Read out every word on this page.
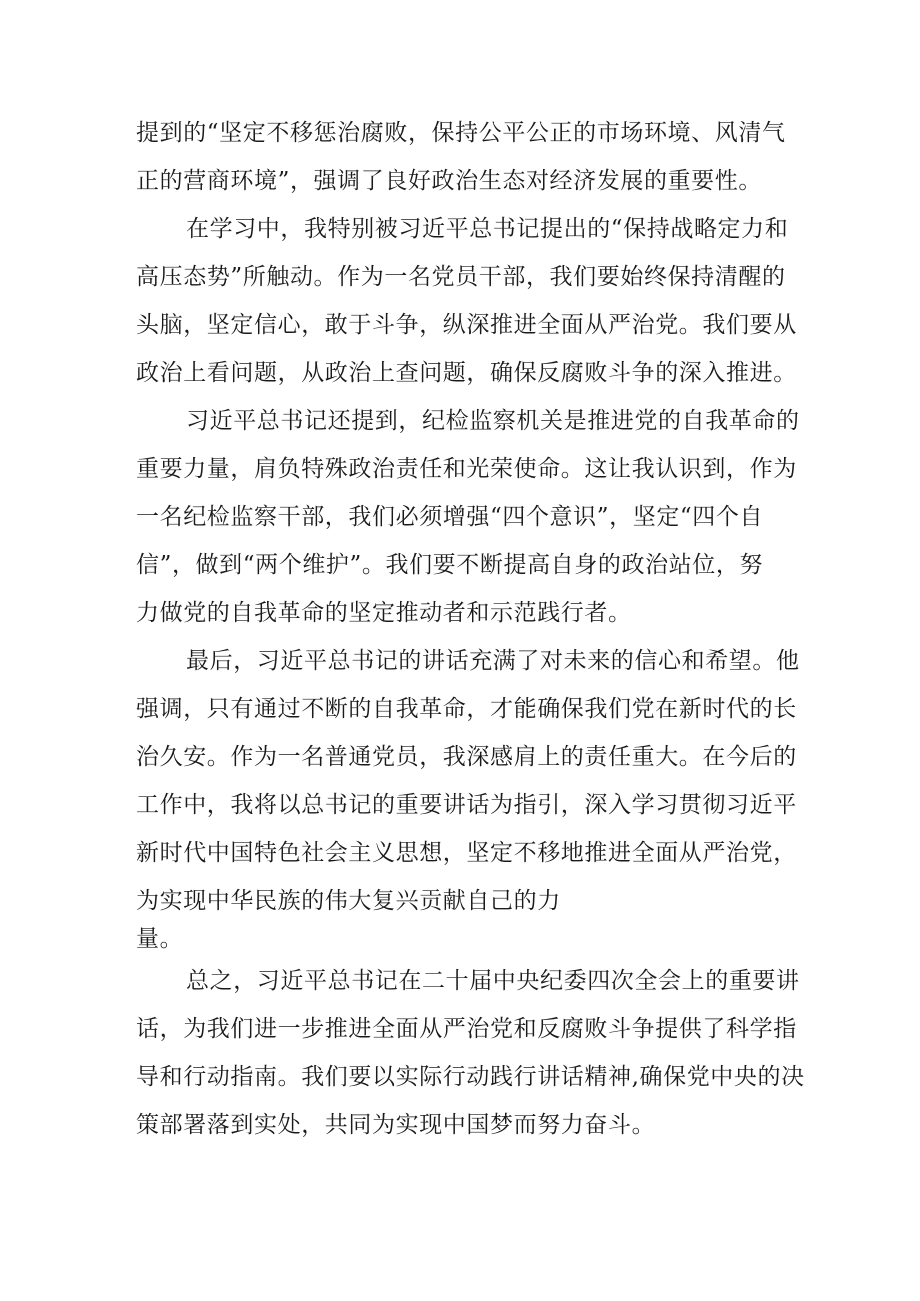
提到的“坚定不移惩治腐败，保持公平公正的市场环境、风清气
正的营商环境”，强调了良好政治生态对经济发展的重要性。
在学习中，我特别被习近平总书记提出的“保持战略定力和
高压态势”所触动。作为一名党员干部，我们要始终保持清醒的
头脑，坚定信心，敢于斗争，纵深推进全面从严治党。我们要从
政治上看问题，从政治上查问题，确保反腐败斗争的深入推进。
习近平总书记还提到，纪检监察机关是推进党的自我革命的
重要力量，肩负特殊政治责任和光荣使命。这让我认识到，作为
一名纪检监察干部，我们必须增强“四个意识”，坚定“四个自
信”，做到“两个维护”。我们要不断提高自身的政治站位，努
力做党的自我革命的坚定推动者和示范践行者。
最后，习近平总书记的讲话充满了对未来的信心和希望。他
强调，只有通过不断的自我革命，才能确保我们党在新时代的长
治久安。作为一名普通党员，我深感肩上的责任重大。在今后的
工作中，我将以总书记的重要讲话为指引，深入学习贯彻习近平
新时代中国特色社会主义思想，坚定不移地推进全面从严治党，
为实现中华民族的伟大复兴贡献自己的力
量。
总之，习近平总书记在二十届中央纪委四次全会上的重要讲
话，为我们进一步推进全面从严治党和反腐败斗争提供了科学指
导和行动指南。我们要以实际行动践行讲话精神,确保党中央的决
策部署落到实处，共同为实现中国梦而努力奋斗。
